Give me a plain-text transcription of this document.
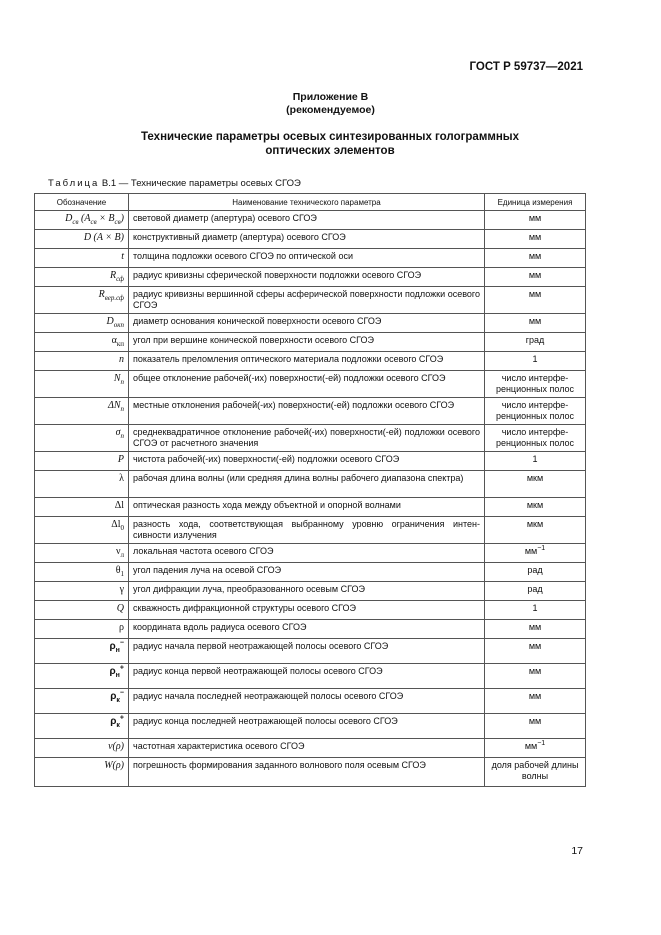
ГОСТ Р 59737—2021
Приложение В
(рекомендуемое)
Технические параметры осевых синтезированных голограммных оптических элементов
Таблица В.1 — Технические параметры осевых СГОЭ
Обозначение	Наименование технического параметра	Единица измерения
$D_{св}$ $(A_{св} \times B_{св})$	световой диаметр (апертура) осевого СГОЭ	мм
D (A × B)	конструктивный диаметр (апертура) осевого СГОЭ	мм
t	толщина подложки осевого СГОЭ по оптической оси	мм
$R_{сф}$	радиус кривизны сферической поверхности подложки осевого СГОЭ	мм
$R_{вер.сф}$	радиус кривизны вершинной сферы асферической поверхности подложки осевого СГОЭ	мм
$D_{окп}$	диаметр основания конической поверхности осевого СГОЭ	мм
$\alpha_{кп}$	угол при вершине конической поверхности осевого СГОЭ	град
n	показатель преломления оптического материала подложки осевого СГОЭ	1
$N_п$	общее отклонение рабочей(-их) поверхности(-ей) подложки осевого СГОЭ	число интерфе-ренционных полос
$\Delta N_п$	местные отклонения рабочей(-их) поверхности(-ей) подложки осевого СГОЭ	число интерфе-ренционных полос
$\sigma_п$	среднеквадратичное отклонение рабочей(-их) поверхности(-ей) подложки осевого СГОЭ от расчетного значения	число интерфе-ренционных полос
P	чистота рабочей(-их) поверхности(-ей) подложки осевого СГОЭ	1
λ	рабочая длина волны (или средняя длина волны рабочего диапазона спектра)	мкм
Δl	оптическая разность хода между объектной и опорной волнами	мкм
$\Delta l_0$	разность хода, соответствующая выбранному уровню ограничения интен-сивности излучения	мкм
$\nu_л$	локальная частота осевого СГОЭ	$мм^{-1}$
$\theta_1$	угол падения луча на осевой СГОЭ	рад
γ	угол дифракции луча, преобразованного осевым СГОЭ	рад
Q	скважность дифракционной структуры осевого СГОЭ	1
ρ	координата вдоль радиуса осевого СГОЭ	мм
$\rho_н^-$	радиус начала первой неотражающей полосы осевого СГОЭ	мм
$\rho_н^+$	радиус конца первой неотражающей полосы осевого СГОЭ	мм
$\rho_к^-$	радиус начала последней неотражающей полосы осевого СГОЭ	мм
$\rho_к^+$	радиус конца последней неотражающей полосы осевого СГОЭ	мм
ν(ρ)	частотная характеристика осевого СГОЭ	$мм^{-1}$
W(ρ)	погрешность формирования заданного волнового поля осевым СГОЭ	доля рабочей длины волны
17
